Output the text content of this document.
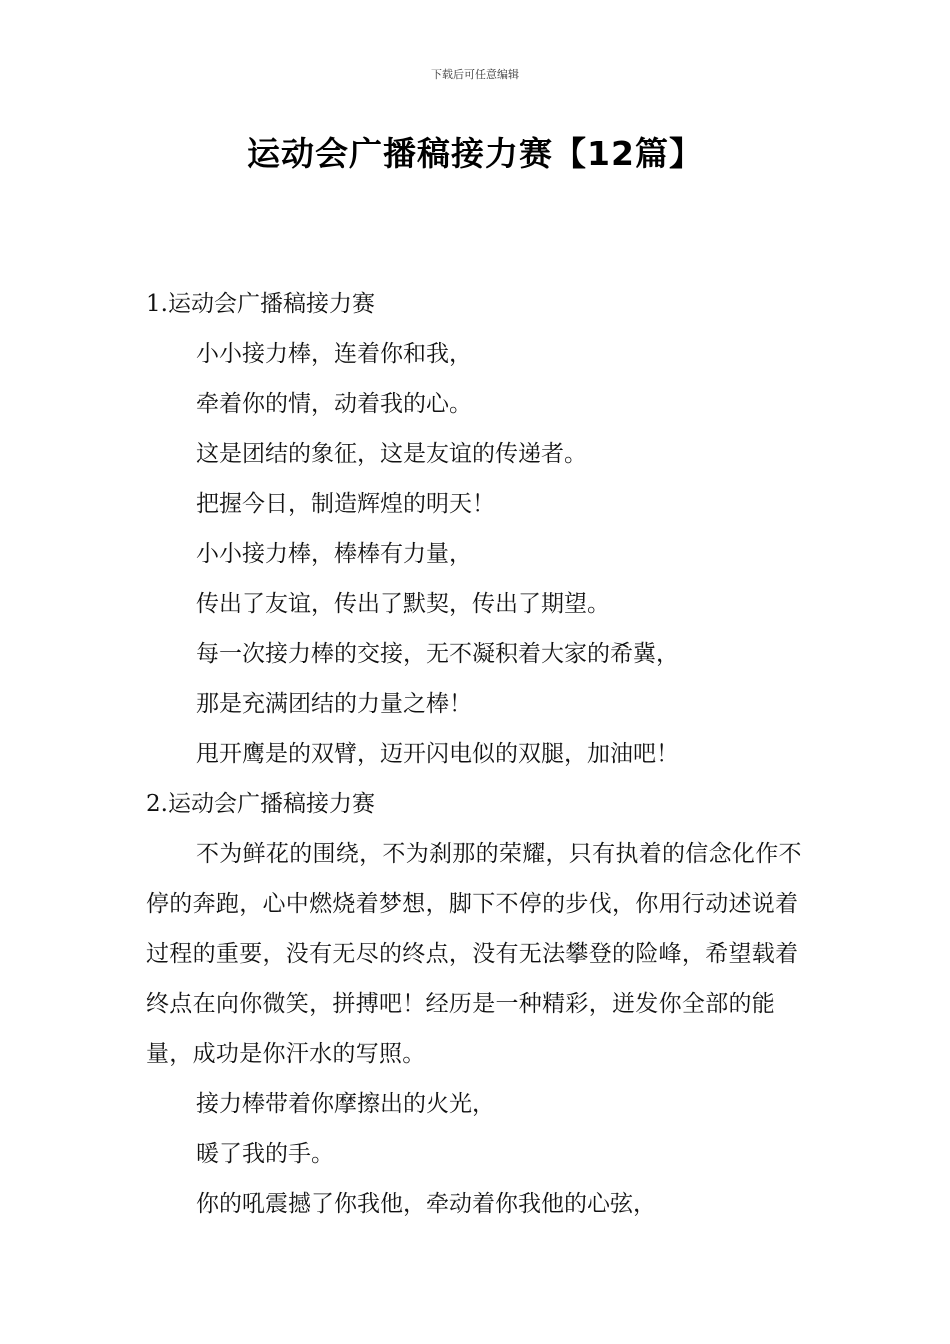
下载后可任意编辑
运动会广播稿接力赛【12篇】
1.运动会广播稿接力赛
小小接力棒，连着你和我，
牵着你的情，动着我的心。
这是团结的象征，这是友谊的传递者。
把握今日，制造辉煌的明天！
小小接力棒，棒棒有力量，
传出了友谊，传出了默契，传出了期望。
每一次接力棒的交接，无不凝积着大家的希冀，
那是充满团结的力量之棒！
甩开鹰是的双臂，迈开闪电似的双腿，加油吧！
2.运动会广播稿接力赛
不为鲜花的围绕，不为刹那的荣耀，只有执着的信念化作不停的奔跑，心中燃烧着梦想，脚下不停的步伐，你用行动述说着过程的重要，没有无尽的终点，没有无法攀登的险峰，希望载着终点在向你微笑，拼搏吧！经历是一种精彩，迸发你全部的能量，成功是你汗水的写照。
接力棒带着你摩擦出的火光，
暖了我的手。
你的吼震撼了你我他，牵动着你我他的心弦，
